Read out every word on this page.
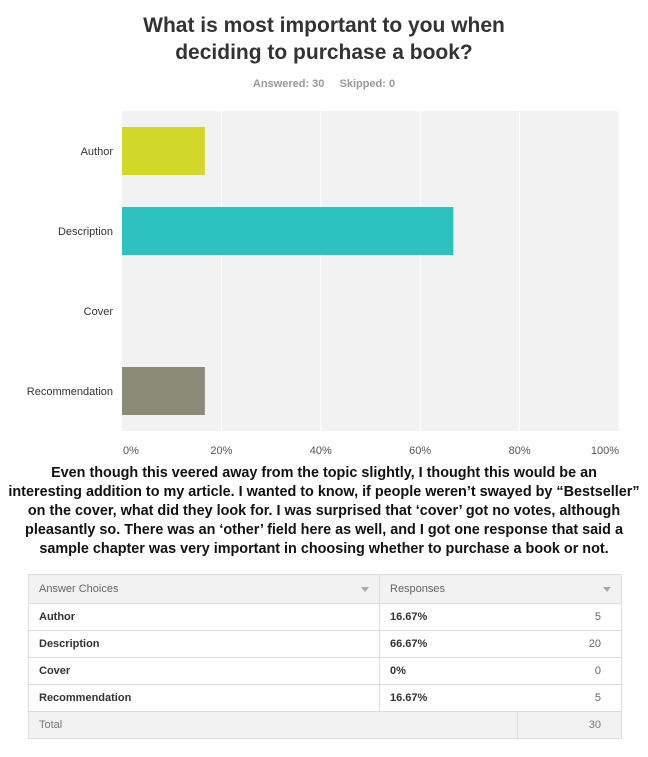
What is most important to you when
deciding to purchase a book?
Answered: 30 Skipped: 0
0%	20%	40%	60%	80%	100%
Author
Description
Cover
Recommendation
Even though this veered away from the topic slightly, I thought this would be an
interesting addition to my article. I wanted to know, if people weren’t swayed by “Bestseller”
on the cover, what did they look for. I was surprised that ‘cover’ got no votes, although
pleasantly so. There was an ‘other’ field here as well, and I got one response that said a
sample chapter was very important in choosing whether to purchase a book or not.
Answer Choices	Responses	

Author	16.67%	5
Description	66.67%	20
Cover	0%	0
Recommendation	16.67%	5
Total		30
